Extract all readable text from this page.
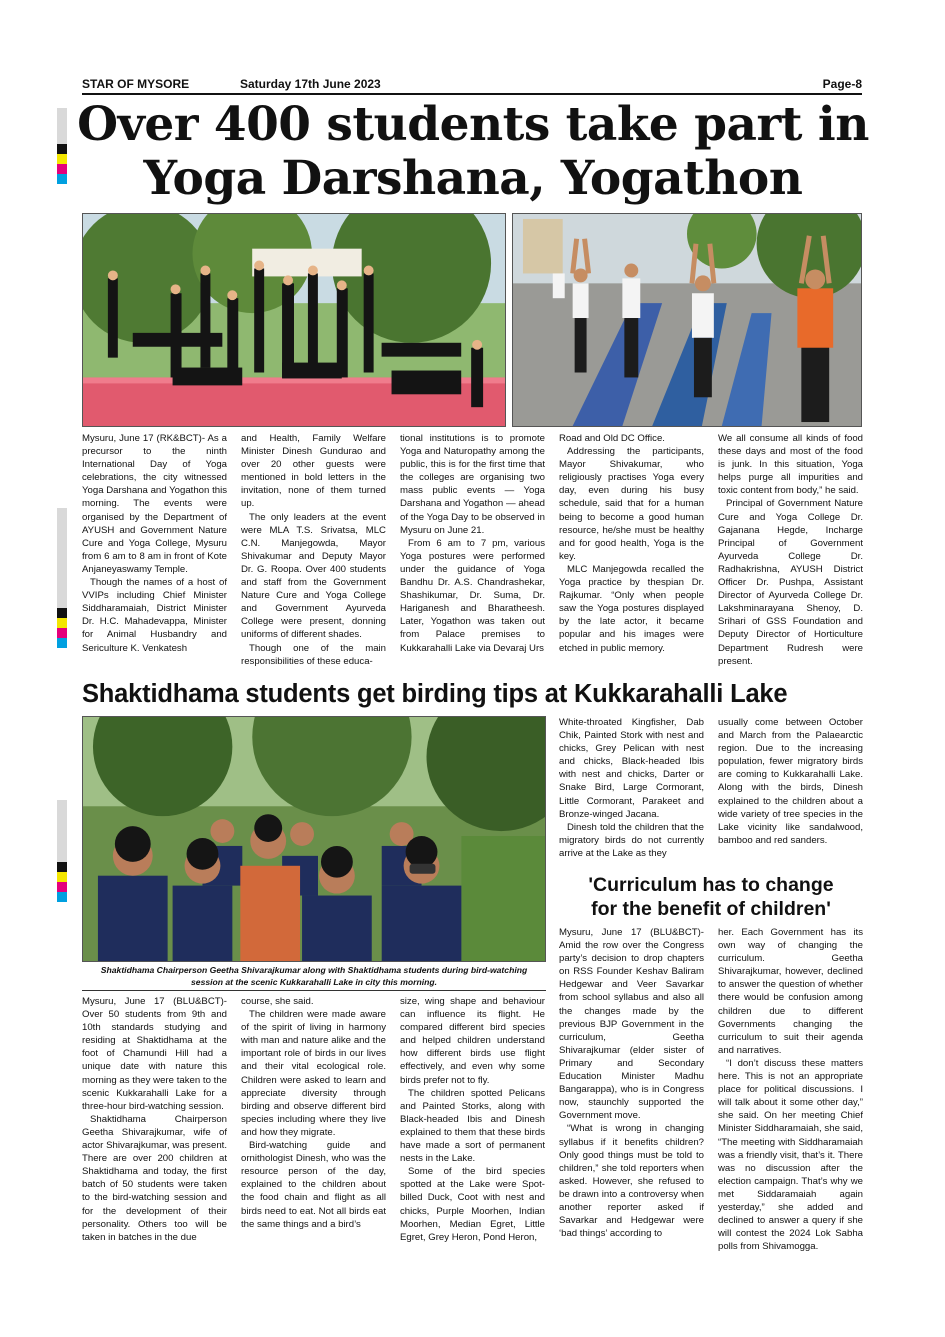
STAR OF MYSORE	Saturday 17th June 2023	Page-8
Over 400 students take part in
Yoga Darshana, Yogathon

Mysuru, June 17 (RK&BCT)- As a precursor to the ninth International Day of Yoga celebrations, the city witnessed Yoga Darshana and Yogathon this morning. The events were organised by the Department of AYUSH and Government Nature Cure and Yoga College, Mysuru from 6 am to 8 am in front of Kote Anjaneyaswamy Temple.

Though the names of a host of VVIPs including Chief Minister Siddharamaiah, District Minister Dr. H.C. Mahadevappa, Minister for Animal Husbandry and Sericulture K. Venkatesh

and Health, Family Welfare Minister Dinesh Gundurao and over 20 other guests were mentioned in bold letters in the invitation, none of them turned up.

The only leaders at the event were MLA T.S. Srivatsa, MLC C.N. Manjegowda, Mayor Shivakumar and Deputy Mayor Dr. G. Roopa. Over 400 students and staff from the Government Nature Cure and Yoga College and Government Ayurveda College were present, donning uniforms of different shades.

Though one of the main responsibilities of these educa-

tional institutions is to promote Yoga and Naturopathy among the public, this is for the first time that the colleges are organising two mass public events — Yoga Darshana and Yogathon — ahead of the Yoga Day to be observed in Mysuru on June 21.

From 6 am to 7 pm, various Yoga postures were performed under the guidance of Yoga Bandhu Dr. A.S. Chandrashekar, Shashikumar, Dr. Suma, Dr. Hariganesh and Bharatheesh. Later, Yogathon was taken out from Palace premises to Kukkarahalli Lake via Devaraj Urs

Road and Old DC Office.

Addressing the participants, Mayor Shivakumar, who religiously practises Yoga every day, even during his busy schedule, said that for a human being to become a good human resource, he/she must be healthy and for good health, Yoga is the key.

MLC Manjegowda recalled the Yoga practice by thespian Dr. Rajkumar. “Only when people saw the Yoga postures displayed by the late actor, it became popular and his images were etched in public memory.

We all consume all kinds of food these days and most of the food is junk. In this situation, Yoga helps purge all impurities and toxic content from body,” he said.

Principal of Government Nature Cure and Yoga College Dr. Gajanana Hegde, Incharge Principal of Government Ayurveda College Dr. Radhakrishna, AYUSH District Officer Dr. Pushpa, Assistant Director of Ayurveda College Dr. Lakshminarayana Shenoy, D. Srihari of GSS Foundation and Deputy Director of Horticulture Department Rudresh were present.

Shaktidhama students get birding tips at Kukkarahalli Lake
Shaktidhama Chairperson Geetha Shivarajkumar along with Shaktidhama students during bird-watching
session at the scenic Kukkarahalli Lake in city this morning.

White-throated Kingfisher, Dab Chik, Painted Stork with nest and chicks, Grey Pelican with nest and chicks, Black-headed Ibis with nest and chicks, Darter or Snake Bird, Large Cormorant, Little Cormorant, Parakeet and Bronze-winged Jacana.

Dinesh told the children that the migratory birds do not currently arrive at the Lake as they

usually come between October and March from the Palaearctic region. Due to the increasing population, fewer migratory birds are coming to Kukkarahalli Lake. Along with the birds, Dinesh explained to the children about a wide variety of tree species in the Lake vicinity like sandalwood, bamboo and red sanders.

Mysuru, June 17 (BLU&BCT)- Over 50 students from 9th and 10th standards studying and residing at Shaktidhama at the foot of Chamundi Hill had a unique date with nature this morning as they were taken to the scenic Kukkarahalli Lake for a three-hour bird-watching session.

Shaktidhama Chairperson Geetha Shivarajkumar, wife of actor Shivarajkumar, was present. There are over 200 children at Shaktidhama and today, the first batch of 50 students were taken to the bird-watching session and for the development of their personality. Others too will be taken in batches in the due

course, she said.

The children were made aware of the spirit of living in harmony with man and nature alike and the important role of birds in our lives and their vital ecological role. Children were asked to learn and appreciate diversity through birding and observe different bird species including where they live and how they migrate.

Bird-watching guide and ornithologist Dinesh, who was the resource person of the day, explained to the children about the food chain and flight as all birds need to eat. Not all birds eat the same things and a bird’s

size, wing shape and behaviour can influence its flight. He compared different bird species and helped children understand how different birds use flight effectively, and even why some birds prefer not to fly.

The children spotted Pelicans and Painted Storks, along with Black-headed Ibis and Dinesh explained to them that these birds have made a sort of permanent nests in the Lake.

Some of the bird species spotted at the Lake were Spot-billed Duck, Coot with nest and chicks, Purple Moorhen, Indian Moorhen, Median Egret, Little Egret, Grey Heron, Pond Heron,

'Curriculum has to change
for the benefit of children'

Mysuru, June 17 (BLU&BCT)- Amid the row over the Congress party’s decision to drop chapters on RSS Founder Keshav Baliram Hedgewar and Veer Savarkar from school syllabus and also all the changes made by the previous BJP Government in the curriculum, Geetha Shivarajkumar (elder sister of Primary and Secondary Education Minister Madhu Bangarappa), who is in Congress now, staunchly supported the Government move.

“What is wrong in changing syllabus if it benefits children? Only good things must be told to children,” she told reporters when asked. However, she refused to be drawn into a controversy when another reporter asked if Savarkar and Hedgewar were ‘bad things’ according to

her. Each Government has its own way of changing the curriculum. Geetha Shivarajkumar, however, declined to answer the question of whether there would be confusion among children due to different Governments changing the curriculum to suit their agenda and narratives.

“I don’t discuss these matters here. This is not an appropriate place for political discussions. I will talk about it some other day,” she said. On her meeting Chief Minister Siddharamaiah, she said, “The meeting with Siddharamaiah was a friendly visit, that’s it. There was no discussion after the election campaign. That’s why we met Siddaramaiah again yesterday,” she added and declined to answer a query if she will contest the 2024 Lok Sabha polls from Shivamogga.
